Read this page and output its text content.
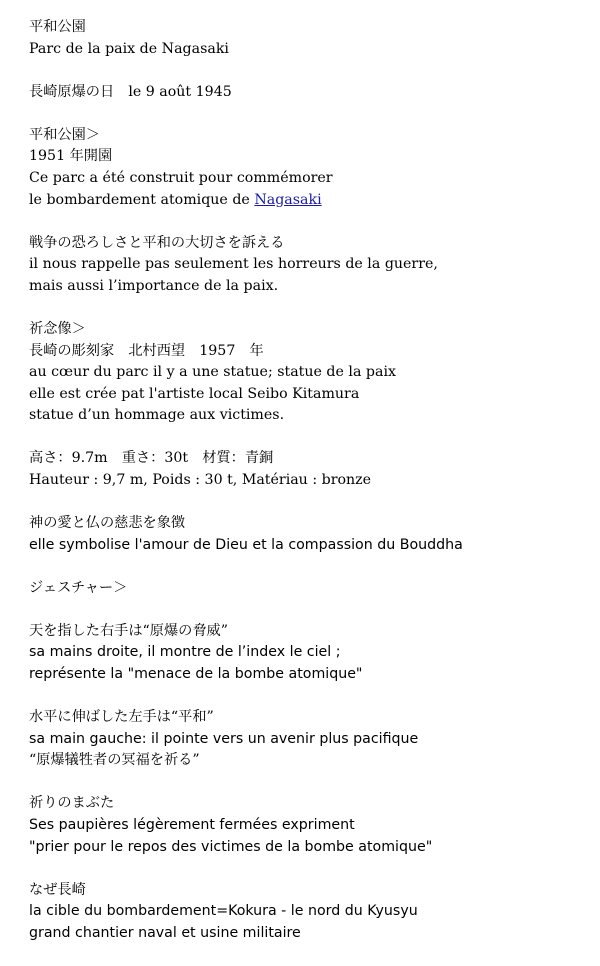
平和公園
Parc de la paix de Nagasaki
長崎原爆の日　le 9 août 1945
平和公園＞
1951 年開園
Ce parc a été construit pour commémorer
le bombardement atomique de Nagasaki
戦争の恐ろしさと平和の大切さを訴える
il nous rappelle pas seulement les horreurs de la guerre,
mais aussi l’importance de la paix.
祈念像＞
長崎の彫刻家　北村西望　1957　年
au cœur du parc il y a une statue; statue de la paix
elle est crée pat l'artiste local Seibo Kitamura
statue d’un hommage aux victimes.
高さ：9.7m　重さ：30t　材質：青銅
Hauteur : 9,7 m, Poids : 30 t, Matériau : bronze
神の愛と仏の慈悲を象徴
elle symbolise l'amour de Dieu et la compassion du Bouddha
ジェスチャー＞
天を指した右手は“原爆の脅威”
sa mains droite, il montre de l’index le ciel ;
représente la "menace de la bombe atomique"
水平に伸ばした左手は“平和”
sa main gauche: il pointe vers un avenir plus pacifique
“原爆犠牲者の冥福を祈る”
祈りのまぶた
Ses paupières légèrement fermées expriment
"prier pour le repos des victimes de la bombe atomique"
なぜ長崎
la cible du bombardement=Kokura - le nord du Kyusyu
grand chantier naval et usine militaire
